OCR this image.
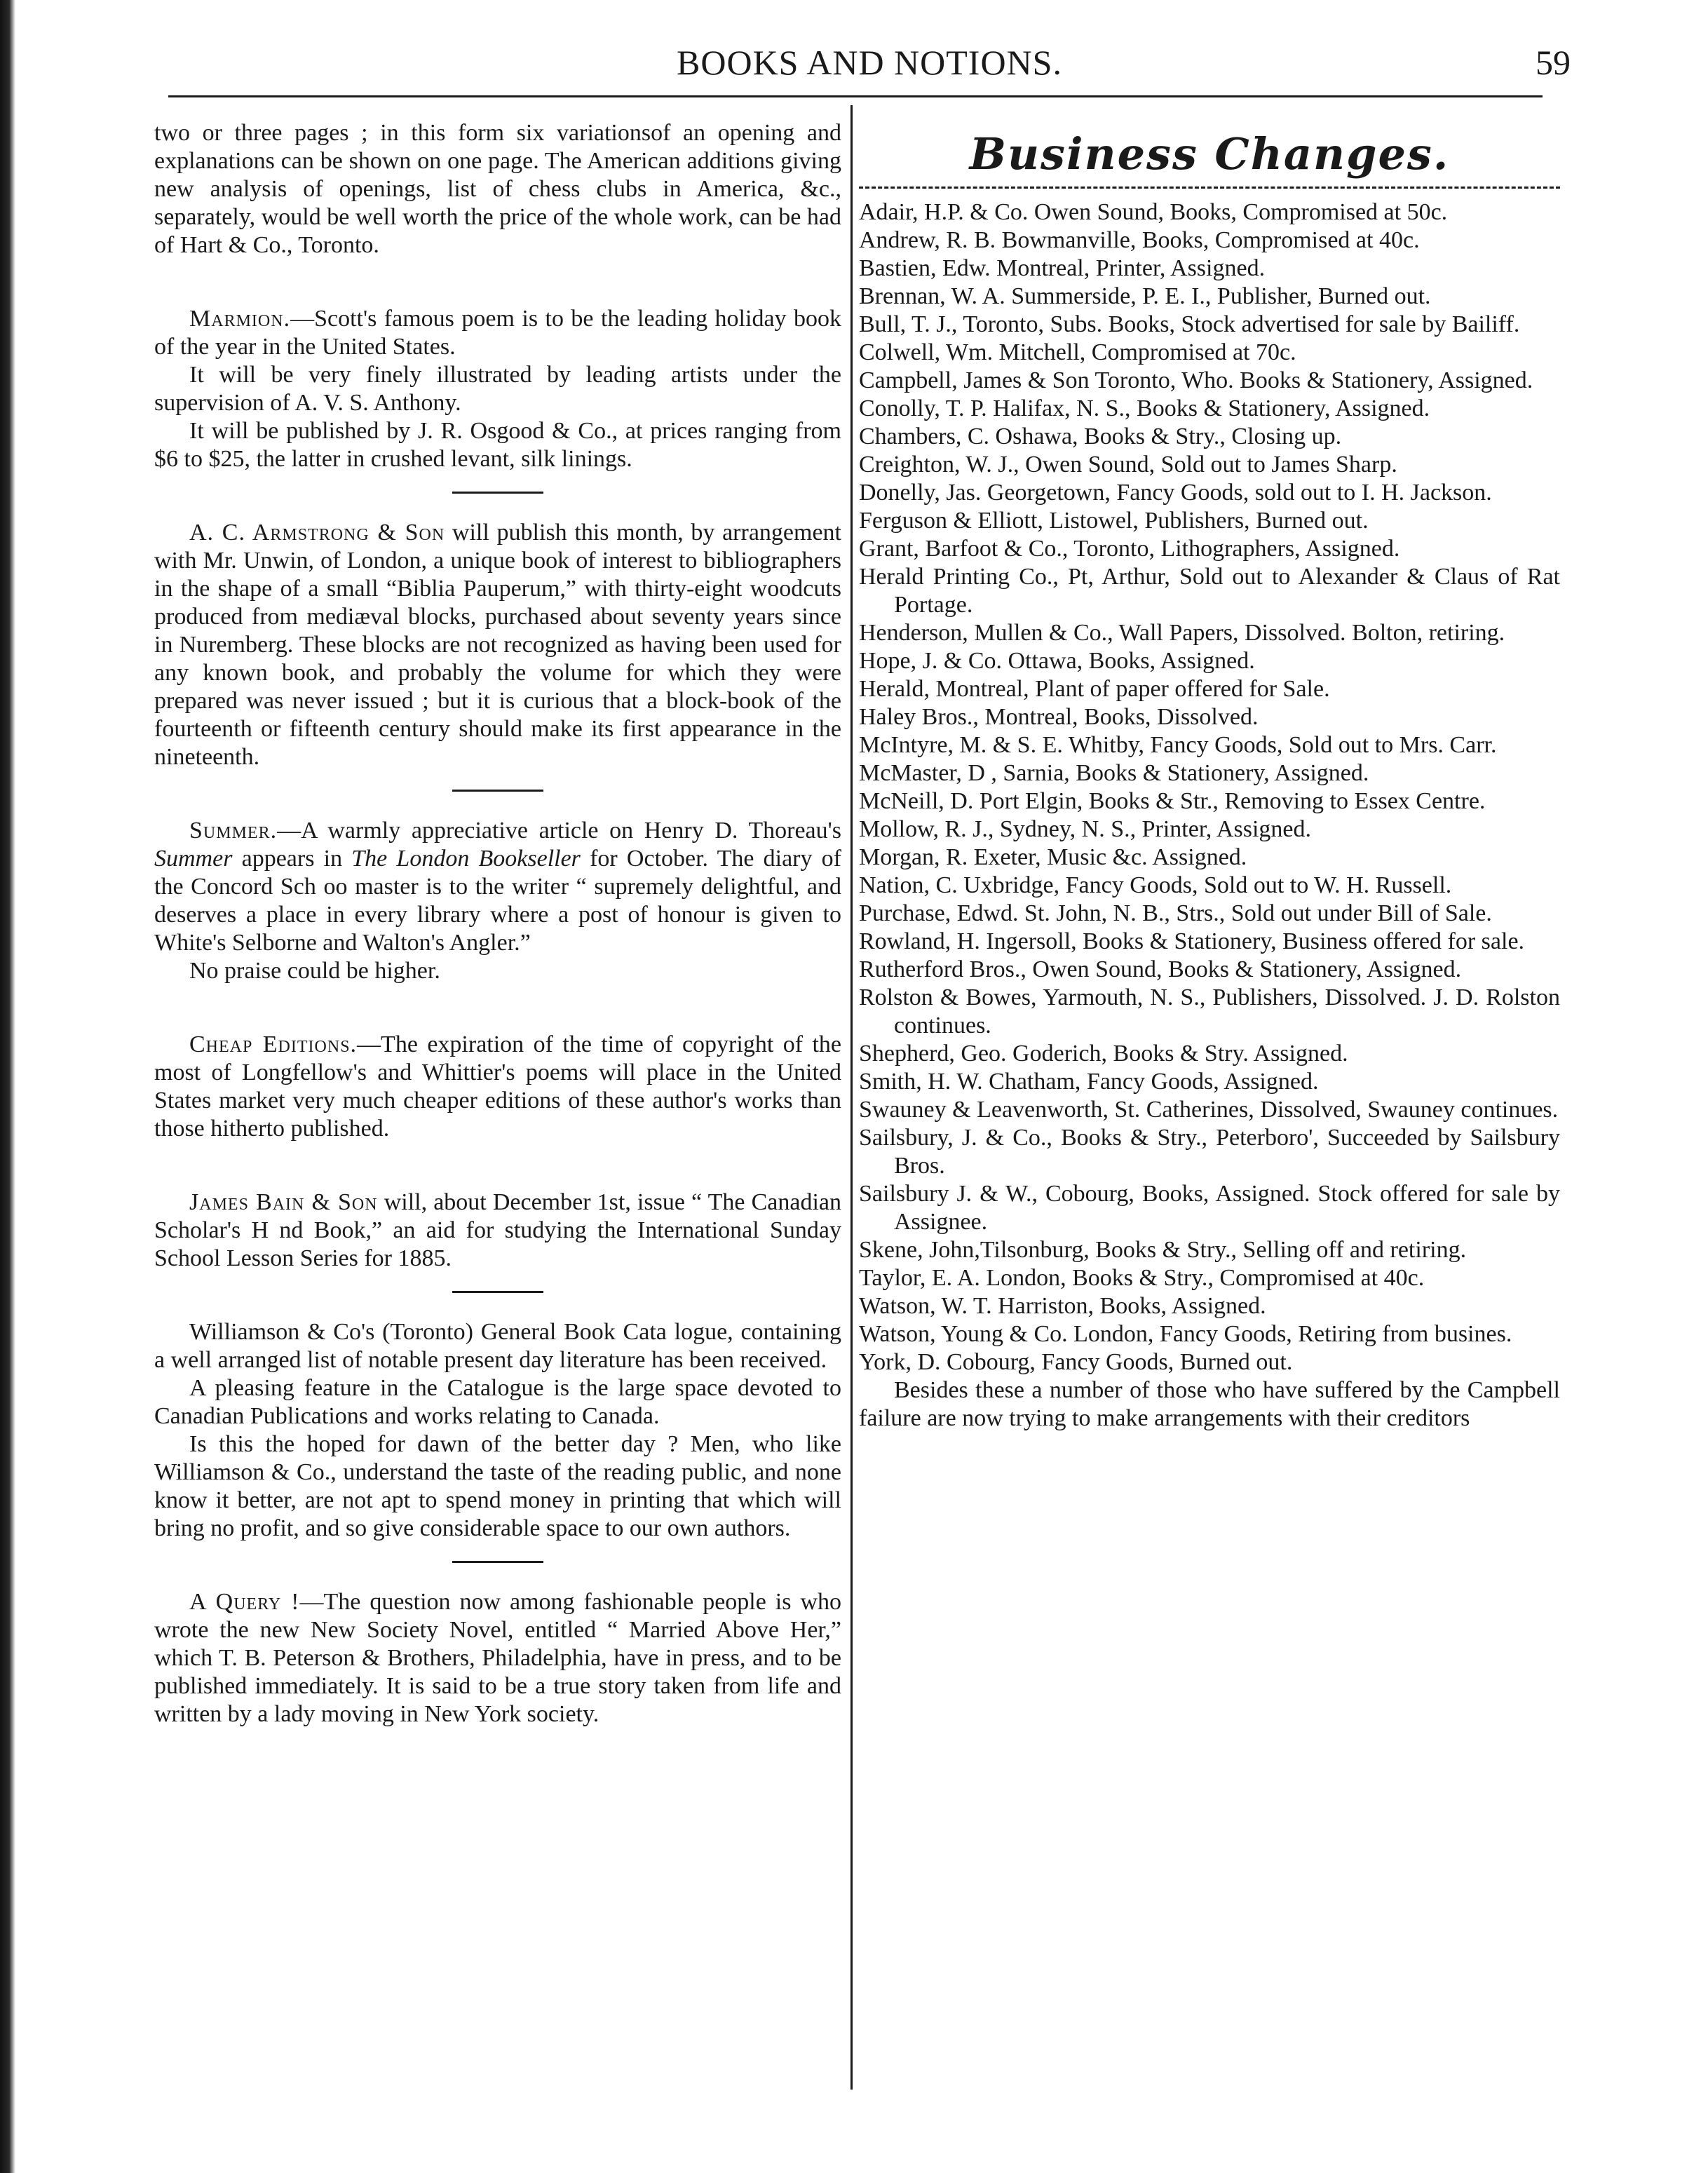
BOOKS AND NOTIONS.	59

two or three pages ; in this form six variationsof an opening and explanations can be shown on one page. The American additions giving new analysis of openings, list of chess clubs in America, &c., separately, would be well worth the price of the whole work, can be had of Hart & Co., Toronto.

Marmion.—Scott's famous poem is to be the leading holiday book of the year in the United States.

It will be very finely illustrated by leading artists under the supervision of A. V. S. Anthony.

It will be published by J. R. Osgood & Co., at prices ranging from $6 to $25, the latter in crushed levant, silk linings.

A. C. Armstrong & Son will publish this month, by arrangement with Mr. Unwin, of London, a unique book of interest to bibliographers in the shape of a small “Biblia Pauperum,” with thirty-eight woodcuts produced from mediæval blocks, purchased about seventy years since in Nuremberg. These blocks are not recognized as having been used for any known book, and probably the volume for which they were prepared was never issued ; but it is curious that a block-book of the fourteenth or fifteenth century should make its first appearance in the nineteenth.

Summer.—A warmly appreciative article on Henry D. Thoreau's Summer appears in The London Bookseller for October. The diary of the Concord Sch oo master is to the writer “ supremely delightful, and deserves a place in every library where a post of honour is given to White's Selborne and Walton's Angler.”

No praise could be higher.

Cheap Editions.—The expiration of the time of copyright of the most of Longfellow's and Whittier's poems will place in the United States market very much cheaper editions of these author's works than those hitherto published.

James Bain & Son will, about December 1st, issue “ The Canadian Scholar's H nd Book,” an aid for studying the International Sunday School Lesson Series for 1885.

Williamson & Co's (Toronto) General Book Cata logue, containing a well arranged list of notable present day literature has been received.

A pleasing feature in the Catalogue is the large space devoted to Canadian Publications and works relating to Canada.

Is this the hoped for dawn of the better day ? Men, who like Williamson & Co., understand the taste of the reading public, and none know it better, are not apt to spend money in printing that which will bring no profit, and so give considerable space to our own authors.

A Query !—The question now among fashionable people is who wrote the new New Society Novel, entitled “ Married Above Her,” which T. B. Peterson & Brothers, Philadelphia, have in press, and to be published immediately. It is said to be a true story taken from life and written by a lady moving in New York society.

Business Changes.

Adair, H.P. & Co. Owen Sound, Books, Compromised at 50c.

Andrew, R. B. Bowmanville, Books, Compromised at 40c.

Bastien, Edw. Montreal, Printer, Assigned.

Brennan, W. A. Summerside, P. E. I., Publisher, Burned out.

Bull, T. J., Toronto, Subs. Books, Stock advertised for sale by Bailiff.

Colwell, Wm. Mitchell, Compromised at 70c.

Campbell, James & Son Toronto, Who. Books & Stationery, Assigned.

Conolly, T. P. Halifax, N. S., Books & Stationery, Assigned.

Chambers, C. Oshawa, Books & Stry., Closing up.

Creighton, W. J., Owen Sound, Sold out to James Sharp.

Donelly, Jas. Georgetown, Fancy Goods, sold out to I. H. Jackson.

Ferguson & Elliott, Listowel, Publishers, Burned out.

Grant, Barfoot & Co., Toronto, Lithographers, Assigned.

Herald Printing Co., Pt, Arthur, Sold out to Alexander & Claus of Rat Portage.

Henderson, Mullen & Co., Wall Papers, Dissolved. Bolton, retiring.

Hope, J. & Co. Ottawa, Books, Assigned.

Herald, Montreal, Plant of paper offered for Sale.

Haley Bros., Montreal, Books, Dissolved.

McIntyre, M. & S. E. Whitby, Fancy Goods, Sold out to Mrs. Carr.

McMaster, D , Sarnia, Books & Stationery, Assigned.

McNeill, D. Port Elgin, Books & Str., Removing to Essex Centre.

Mollow, R. J., Sydney, N. S., Printer, Assigned.

Morgan, R. Exeter, Music &c. Assigned.

Nation, C. Uxbridge, Fancy Goods, Sold out to W. H. Russell.

Purchase, Edwd. St. John, N. B., Strs., Sold out under Bill of Sale.

Rowland, H. Ingersoll, Books & Stationery, Business offered for sale.

Rutherford Bros., Owen Sound, Books & Stationery, Assigned.

Rolston & Bowes, Yarmouth, N. S., Publishers, Dissolved. J. D. Rolston continues.

Shepherd, Geo. Goderich, Books & Stry. Assigned.

Smith, H. W. Chatham, Fancy Goods, Assigned.

Swauney & Leavenworth, St. Catherines, Dissolved, Swauney continues.

Sailsbury, J. & Co., Books & Stry., Peterboro', Succeeded by Sailsbury Bros.

Sailsbury J. & W., Cobourg, Books, Assigned. Stock offered for sale by Assignee.

Skene, John,Tilsonburg, Books & Stry., Selling off and retiring.

Taylor, E. A. London, Books & Stry., Compromised at 40c.

Watson, W. T. Harriston, Books, Assigned.

Watson, Young & Co. London, Fancy Goods, Retiring from busines.

York, D. Cobourg, Fancy Goods, Burned out.

Besides these a number of those who have suffered by the Campbell failure are now trying to make arrangements with their creditors
